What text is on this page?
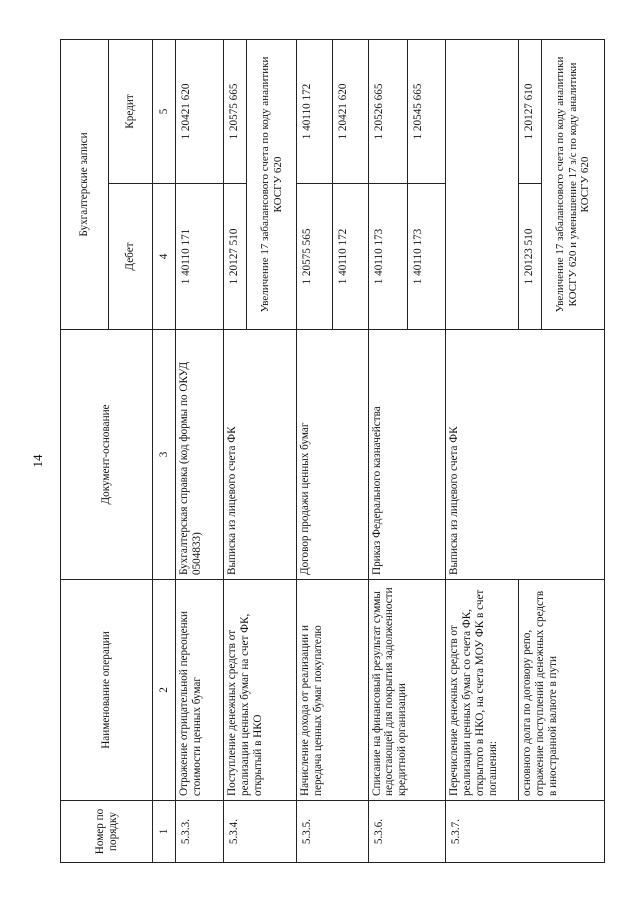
14
Номер по порядку	Наименование операции	Документ-основание	Бухгалтерские записи	
			Дебет	Кредит
1	2	3	4	5
5.3.3.	Отражение отрицательной переоценки стоимости ценных бумаг	Бухгалтерская справка (код формы по ОКУД 0504833)	1 40110 171	1 20421 620
5.3.4.	Поступление денежных средств от реализации ценных бумаг на счет ФК, открытый в НКО	Выписка из лицевого счета ФК	1 20127 510	1 20575 665
			Увеличение 17 забалансового счета по коду аналитики КОСГУ 620	
5.3.5.	Начисление дохода от реализации и передача ценных бумаг покупателю	Договор продажи ценных бумаг	1 20575 565	1 40110 172
			1 40110 172	1 20421 620
5.3.6.	Списание на финансовый результат суммы недостающей для покрытия задолженности кредитной организации	Приказ Федерального казначейства	1 40110 173	1 20526 665
			1 40110 173	1 20545 665
5.3.7.	Перечисление денежных средств от реализации ценных бумаг со счета ФК, открытого в НКО, на счета МОУ ФК в счет погашения:	Выписка из лицевого счета ФК		
	основного долга по договору репо, отражение поступлений денежных средств в иностранной валюте в пути		1 20123 510	1 20127 610
			Увеличение 17 забалансового счета по коду аналитики КОСГУ 620 и уменьшение 17 з/с по коду аналитики КОСГУ 620	
